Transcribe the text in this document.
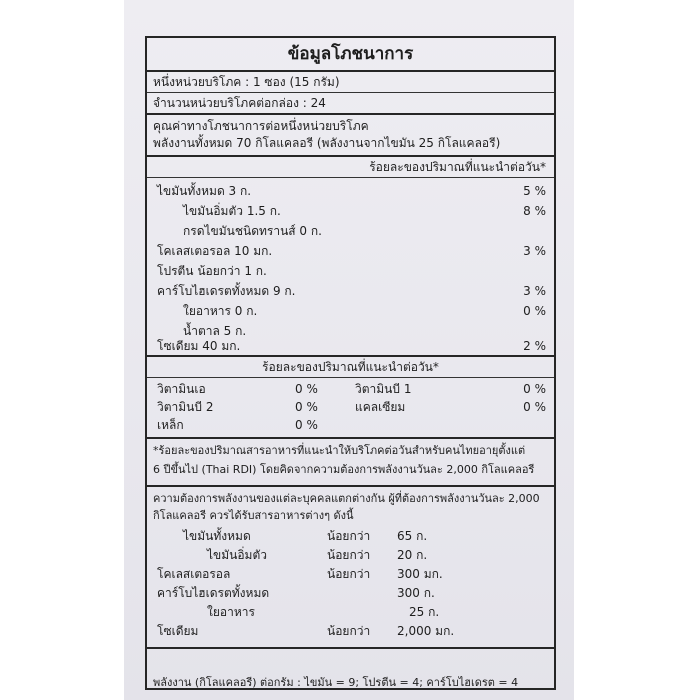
ข้อมูลโภชนาการ
หนึ่งหน่วยบริโภค : 1 ซอง (15 กรัม)
จำนวนหน่วยบริโภคต่อกล่อง : 24
คุณค่าทางโภชนาการต่อหนึ่งหน่วยบริโภค
พลังงานทั้งหมด 70 กิโลแคลอรี (พลังงานจากไขมัน 25 กิโลแคลอรี)
ร้อยละของปริมาณที่แนะนำต่อวัน*
ไขมันทั้งหมด 3 ก.	5 %
ไขมันอิ่มตัว 1.5 ก.	8 %
กรดไขมันชนิดทรานส์ 0 ก.
โคเลสเตอรอล 10 มก.	3 %
โปรตีน น้อยกว่า 1 ก.
คาร์โบไฮเดรตทั้งหมด 9 ก.	3 %
ใยอาหาร 0 ก.	0 %
น้ำตาล 5 ก.
โซเดียม 40 มก.	2 %
ร้อยละของปริมาณที่แนะนำต่อวัน*
วิตามินเอ	0 %	วิตามินบี 1	0 %
วิตามินบี 2	0 %	แคลเซียม	0 %
เหล็ก	0 %
*ร้อยละของปริมาณสารอาหารที่แนะนำให้บริโภคต่อวันสำหรับคนไทยอายุตั้งแต่
6 ปีขึ้นไป (Thai RDI) โดยคิดจากความต้องการพลังงานวันละ 2,000 กิโลแคลอรี
ความต้องการพลังงานของแต่ละบุคคลแตกต่างกัน ผู้ที่ต้องการพลังงานวันละ 2,000
กิโลแคลอรี ควรได้รับสารอาหารต่างๆ ดังนี้
ไขมันทั้งหมด	น้อยกว่า 65 ก.
ไขมันอิ่มตัว	น้อยกว่า 20 ก.
โคเลสเตอรอล	น้อยกว่า 300 มก.
คาร์โบไฮเดรตทั้งหมด	300 ก.
ใยอาหาร	25 ก.
โซเดียม	น้อยกว่า 2,000 มก.
พลังงาน (กิโลแคลอรี) ต่อกรัม : ไขมัน = 9; โปรตีน = 4; คาร์โบไฮเดรต = 4
